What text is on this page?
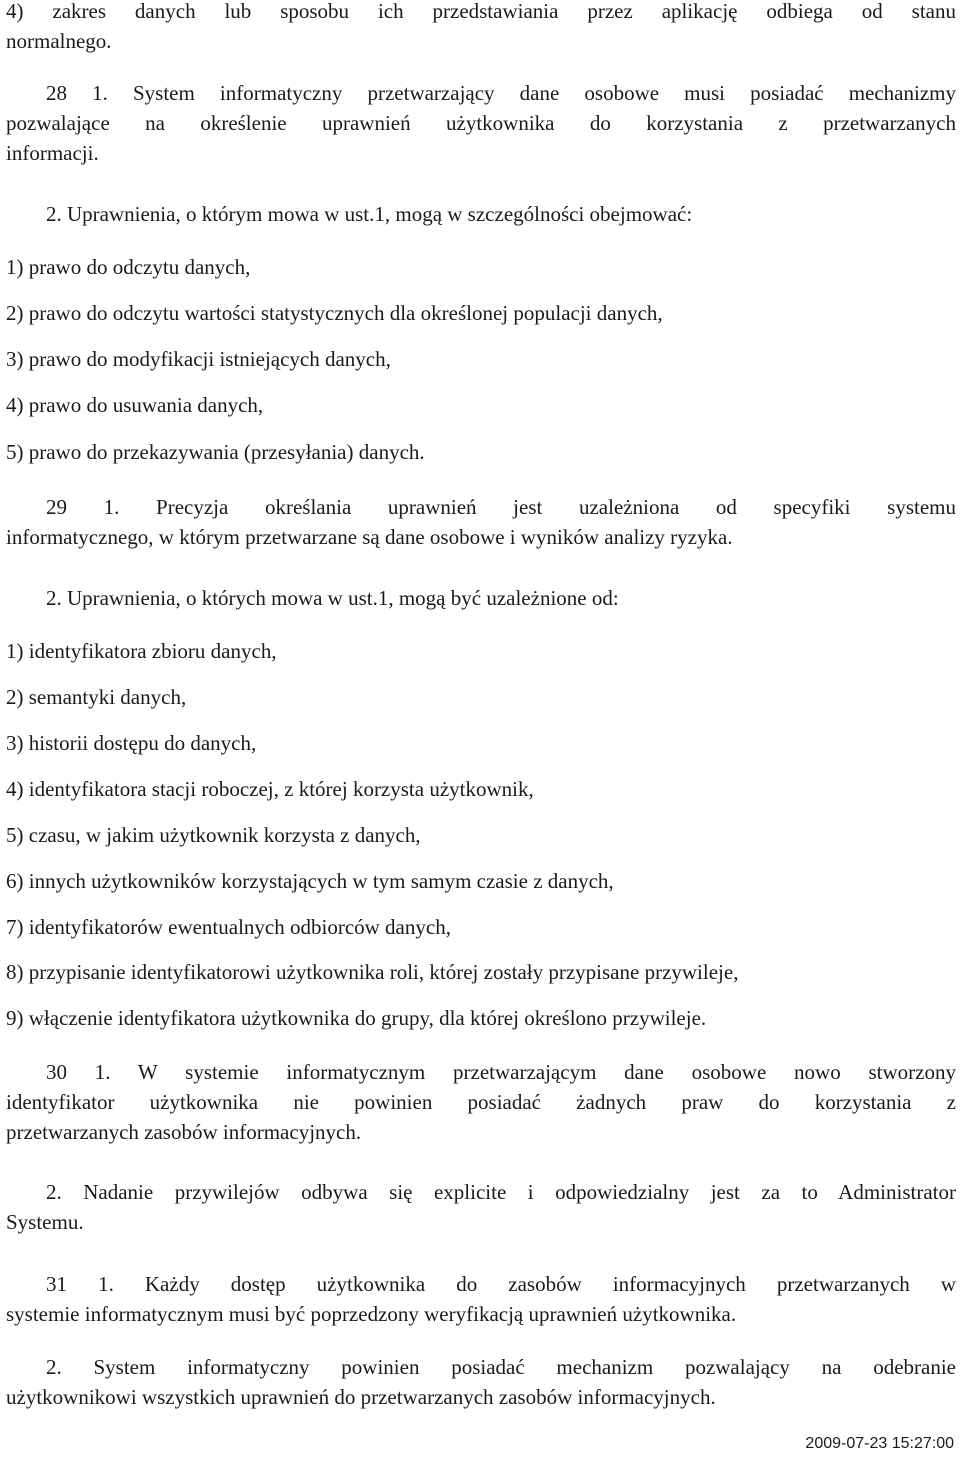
4) zakres danych lub sposobu ich przedstawiania przez aplikację odbiega od stanu
normalnego.
28 1. System informatyczny przetwarzający dane osobowe musi posiadać mechanizmy
pozwalające na określenie uprawnień użytkownika do korzystania z przetwarzanych
informacji.
2. Uprawnienia, o którym mowa w ust.1, mogą w szczególności obejmować:
1) prawo do odczytu danych,
2) prawo do odczytu wartości statystycznych dla określonej populacji danych,
3) prawo do modyfikacji istniejących danych,
4) prawo do usuwania danych,
5) prawo do przekazywania (przesyłania) danych.
29 1. Precyzja określania uprawnień jest uzależniona od specyfiki systemu
informatycznego, w którym przetwarzane są dane osobowe i wyników analizy ryzyka.
2. Uprawnienia, o których mowa w ust.1, mogą być uzależnione od:
1) identyfikatora zbioru danych,
2) semantyki danych,
3) historii dostępu do danych,
4) identyfikatora stacji roboczej, z której korzysta użytkownik,
5) czasu, w jakim użytkownik korzysta z danych,
6) innych użytkowników korzystających w tym samym czasie z danych,
7) identyfikatorów ewentualnych odbiorców danych,
8) przypisanie identyfikatorowi użytkownika roli, której zostały przypisane przywileje,
9) włączenie identyfikatora użytkownika do grupy, dla której określono przywileje.
30 1. W systemie informatycznym przetwarzającym dane osobowe nowo stworzony
identyfikator użytkownika nie powinien posiadać żadnych praw do korzystania z
przetwarzanych zasobów informacyjnych.
2. Nadanie przywilejów odbywa się explicite i odpowiedzialny jest za to Administrator
Systemu.
31 1. Każdy dostęp użytkownika do zasobów informacyjnych przetwarzanych w
systemie informatycznym musi być poprzedzony weryfikacją uprawnień użytkownika.
2. System informatyczny powinien posiadać mechanizm pozwalający na odebranie
użytkownikowi wszystkich uprawnień do przetwarzanych zasobów informacyjnych.
2009-07-23 15:27:00
